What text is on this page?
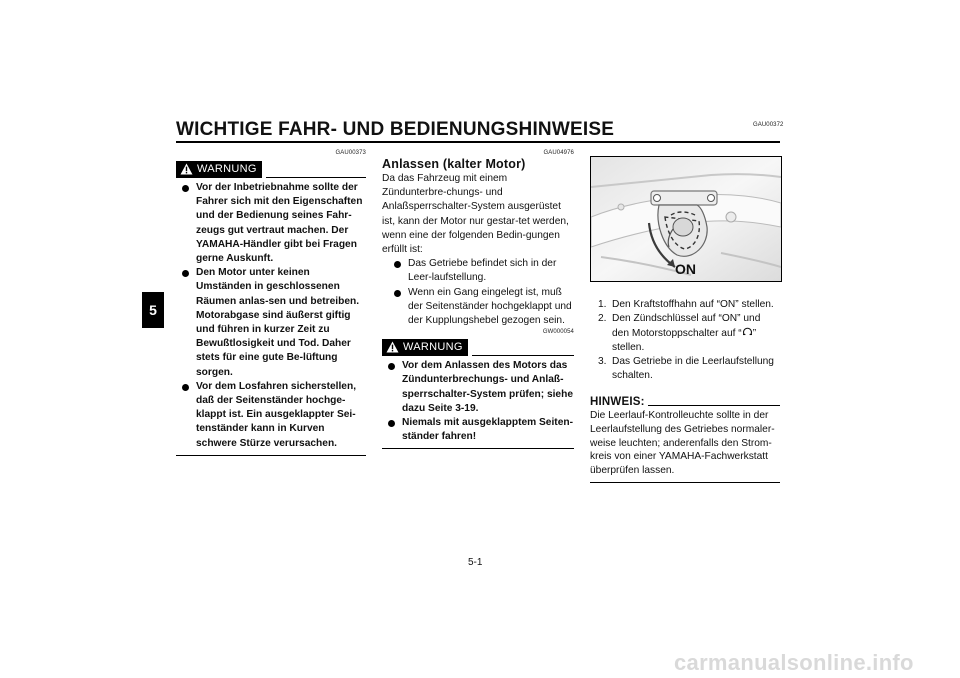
GAU00372
WICHTIGE FAHR- UND BEDIENUNGSHINWEISE
5
GAU00373
WARNUNG
Vor der Inbetriebnahme sollte der Fahrer sich mit den Eigenschaften und der Bedienung seines Fahr-zeugs gut vertraut machen. Der YAMAHA-Händler gibt bei Fragen gerne Auskunft.
Den Motor unter keinen Umständen in geschlossenen Räumen anlas-sen und betreiben. Motorabgase sind äußerst giftig und führen in kurzer Zeit zu Bewußtlosigkeit und Tod. Daher stets für eine gute Be-lüftung sorgen.
Vor dem Losfahren sicherstellen, daß der Seitenständer hochge-klappt ist. Ein ausgeklappter Sei-tenständer kann in Kurven schwere Stürze verursachen.
GAU04976
Anlassen (kalter Motor)
Da das Fahrzeug mit einem Zündunterbre-chungs- und Anlaßsperrschalter-System ausgerüstet ist, kann der Motor nur gestar-tet werden, wenn eine der folgenden Bedin-gungen erfüllt ist:
Das Getriebe befindet sich in der Leer-laufstellung.
Wenn ein Gang eingelegt ist, muß der Seitenständer hochgeklappt und der Kupplungshebel gezogen sein.
GW000054
WARNUNG
Vor dem Anlassen des Motors das Zündunterbrechungs- und Anlaß-sperrschalter-System prüfen; siehe dazu Seite 3-19.
Niemals mit ausgeklapptem Seiten-ständer fahren!
ON
1. Den Kraftstoffhahn auf “ON” stellen.
2. Den Zündschlüssel auf “ON” und den Motorstoppschalter auf “ ” stellen.
3. Das Getriebe in die Leerlaufstellung schalten.
HINWEIS:
Die Leerlauf-Kontrolleuchte sollte in der Leerlaufstellung des Getriebes normaler-weise leuchten; anderenfalls den Strom-kreis von einer YAMAHA-Fachwerkstatt überprüfen lassen.
5-1
carmanualsonline.info
